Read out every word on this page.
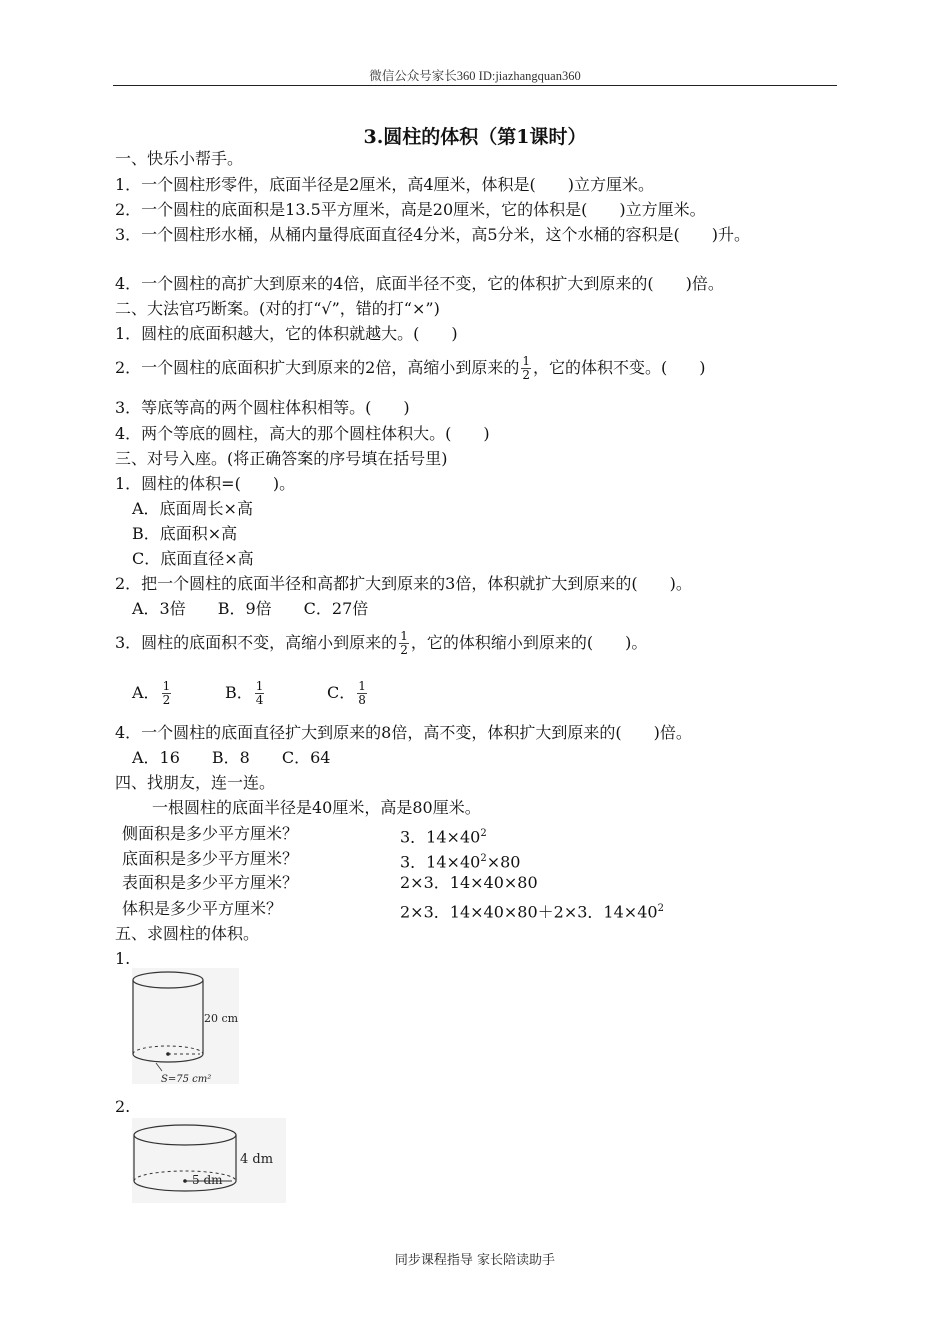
微信公众号家长360 ID:jiazhangquan360
3.圆柱的体积（第1课时）
一、快乐小帮手。
1．一个圆柱形零件，底面半径是2厘米，高4厘米，体积是(　　)立方厘米。
2．一个圆柱的底面积是13.5平方厘米，高是20厘米，它的体积是(　　)立方厘米。
3．一个圆柱形水桶，从桶内量得底面直径4分米，高5分米，这个水桶的容积是(　　)升。
4．一个圆柱的高扩大到原来的4倍，底面半径不变，它的体积扩大到原来的(　　)倍。
二、大法官巧断案。(对的打“√”，错的打“×”)
1．圆柱的底面积越大，它的体积就越大。(　　)
2．一个圆柱的底面积扩大到原来的2倍，高缩小到原来的 $\frac{1}{2}$ ，它的体积不变。(　　)
3．等底等高的两个圆柱体积相等。(　　)
4．两个等底的圆柱，高大的那个圆柱体积大。(　　)
三、对号入座。(将正确答案的序号填在括号里)
1．圆柱的体积=(　　)。
A．底面周长×高
B．底面积×高
C．底面直径×高
2．把一个圆柱的底面半径和高都扩大到原来的3倍，体积就扩大到原来的(　　)。
A．3倍　　B．9倍　　C．27倍
3．圆柱的底面积不变，高缩小到原来的 $\frac{1}{2}$ ，它的体积缩小到原来的(　　)。
A． $\frac{1}{2}$	B． $\frac{1}{4}$	C． $\frac{1}{8}$
4．一个圆柱的底面直径扩大到原来的8倍，高不变，体积扩大到原来的(　　)倍。
A．16　　B．8　　C．64
四、找朋友，连一连。
一根圆柱的底面半径是40厘米，高是80厘米。
侧面积是多少平方厘米？
底面积是多少平方厘米？
表面积是多少平方厘米？
体积是多少平方厘米？
3．$14\times 40^2$
3．$14\times 40^2\times 80$
2×3．14×40×80
2×3．14×40×80＋2×3．$14\times 40^2$
五、求圆柱的体积。
1.
20 cm
S=75 cm²
2.
4 dm
5 dm
同步课程指导 家长陪读助手
